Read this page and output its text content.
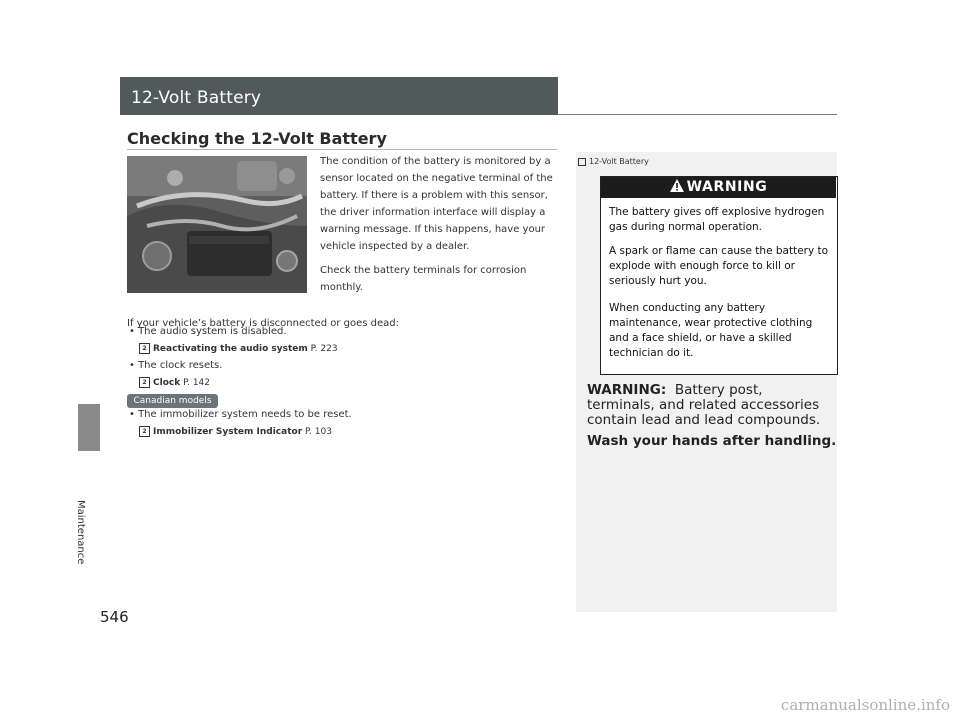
Maintenance
546
12-Volt Battery
Checking the 12-Volt Battery
The condition of the battery is monitored by a sensor located on the negative terminal of the battery. If there is a problem with this sensor, the driver information interface will display a warning message. If this happens, have your vehicle inspected by a dealer.
Check the battery terminals for corrosion monthly.
If your vehicle’s battery is disconnected or goes dead:
• The audio system is disabled.
2 Reactivating the audio system P. 223
• The clock resets.
2 Clock P. 142
Canadian models
• The immobilizer system needs to be reset.
2 Immobilizer System Indicator P. 103
12-Volt Battery
WARNING
The battery gives off explosive hydrogen gas during normal operation.
A spark or flame can cause the battery to explode with enough force to kill or seriously hurt you.
When conducting any battery maintenance, wear protective clothing and a face shield, or have a skilled technician do it.
WARNING: Battery post, terminals, and related accessories contain lead and lead compounds.
Wash your hands after handling.
carmanualsonline.info
